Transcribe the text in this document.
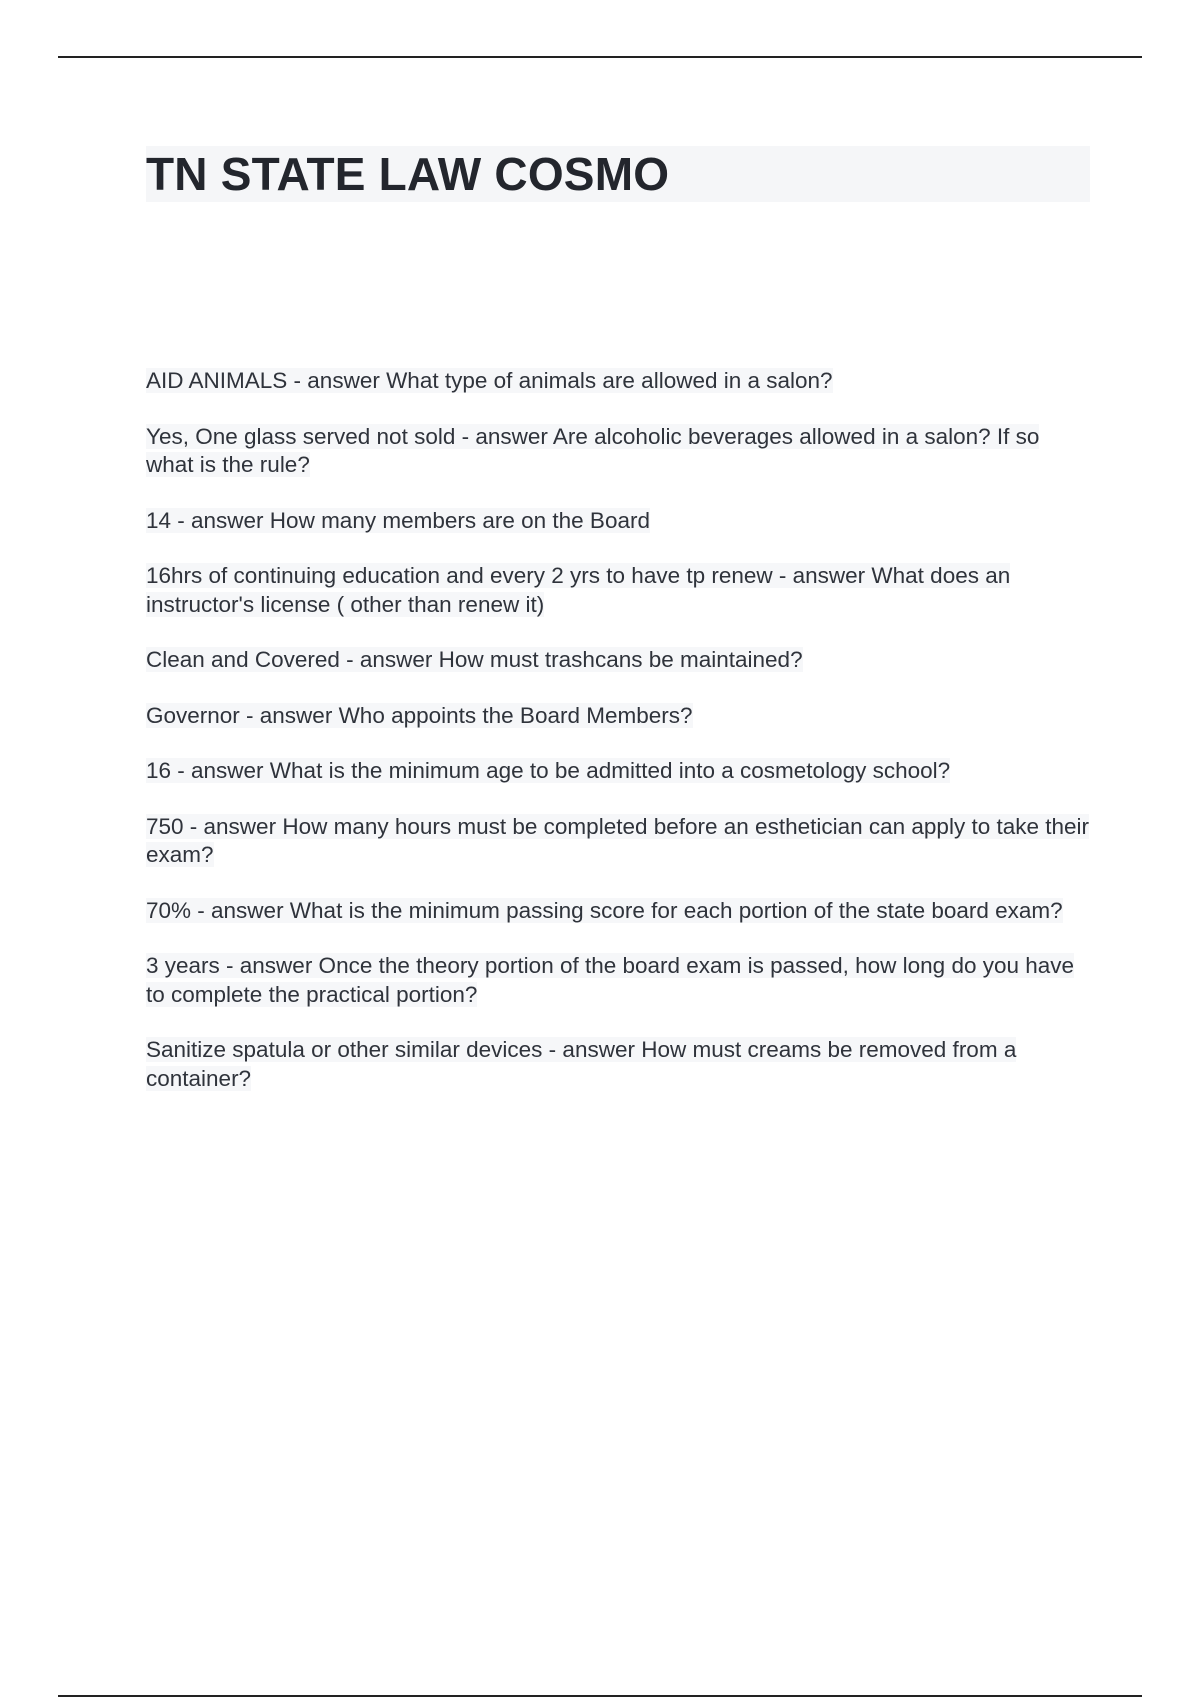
TN STATE LAW COSMO
AID ANIMALS - answer What type of animals are allowed in a salon?
Yes, One glass served not sold - answer Are alcoholic beverages allowed in a salon? If so what is the rule?
14 - answer How many members are on the Board
16hrs of continuing education and every 2 yrs to have tp renew - answer What does an instructor's license ( other than renew it)
Clean and Covered - answer How must trashcans be maintained?
Governor - answer Who appoints the Board Members?
16 - answer What is the minimum age to be admitted into a cosmetology school?
750 - answer How many hours must be completed before an esthetician can apply to take their exam?
70% - answer What is the minimum passing score for each portion of the state board exam?
3 years - answer Once the theory portion of the board exam is passed, how long do you have to complete the practical portion?
Sanitize spatula or other similar devices - answer How must creams be removed from a container?
